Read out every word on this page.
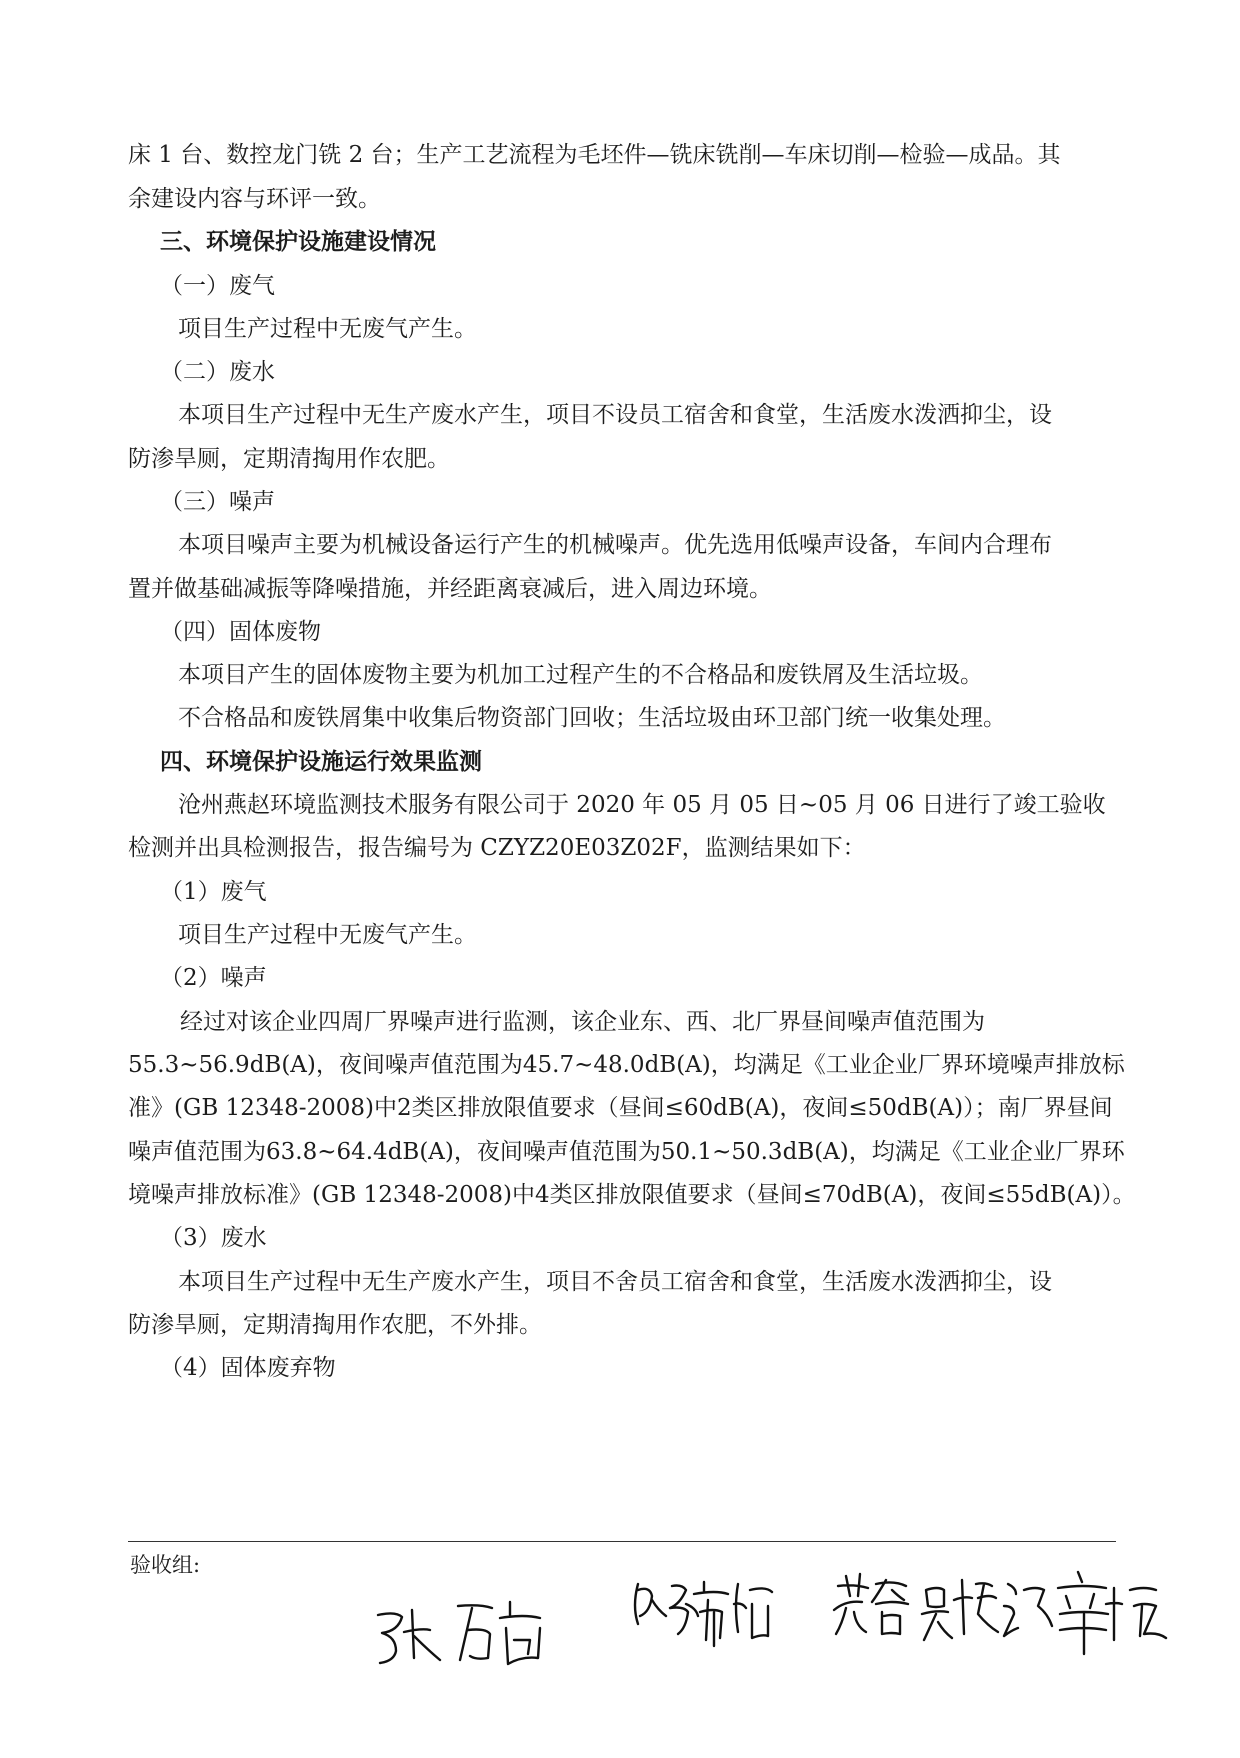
床 1 台、数控龙门铣 2 台；生产工艺流程为毛坯件—铣床铣削—车床切削—检验—成品。其
余建设内容与环评一致。
三、环境保护设施建设情况
（一）废气
项目生产过程中无废气产生。
（二）废水
本项目生产过程中无生产废水产生，项目不设员工宿舍和食堂，生活废水泼洒抑尘，设
防渗旱厕，定期清掏用作农肥。
（三）噪声
本项目噪声主要为机械设备运行产生的机械噪声。优先选用低噪声设备，车间内合理布
置并做基础减振等降噪措施，并经距离衰减后，进入周边环境。
（四）固体废物
本项目产生的固体废物主要为机加工过程产生的不合格品和废铁屑及生活垃圾。
不合格品和废铁屑集中收集后物资部门回收；生活垃圾由环卫部门统一收集处理。
四、环境保护设施运行效果监测
沧州燕赵环境监测技术服务有限公司于 2020 年 05 月 05 日~05 月 06 日进行了竣工验收
检测并出具检测报告，报告编号为 CZYZ20E03Z02F，监测结果如下：
（1）废气
项目生产过程中无废气产生。
（2）噪声
经过对该企业四周厂界噪声进行监测，该企业东、西、北厂界昼间噪声值范围为
55.3~56.9dB(A)，夜间噪声值范围为45.7~48.0dB(A)，均满足《工业企业厂界环境噪声排放标
准》(GB 12348-2008)中2类区排放限值要求（昼间≤60dB(A)，夜间≤50dB(A)）；南厂界昼间
噪声值范围为63.8~64.4dB(A)，夜间噪声值范围为50.1~50.3dB(A)，均满足《工业企业厂界环
境噪声排放标准》(GB 12348-2008)中4类区排放限值要求（昼间≤70dB(A)，夜间≤55dB(A)）。
（3）废水
本项目生产过程中无生产废水产生，项目不舍员工宿舍和食堂，生活废水泼洒抑尘，设
防渗旱厕，定期清掏用作农肥，不外排。
（4）固体废弃物
验收组:
